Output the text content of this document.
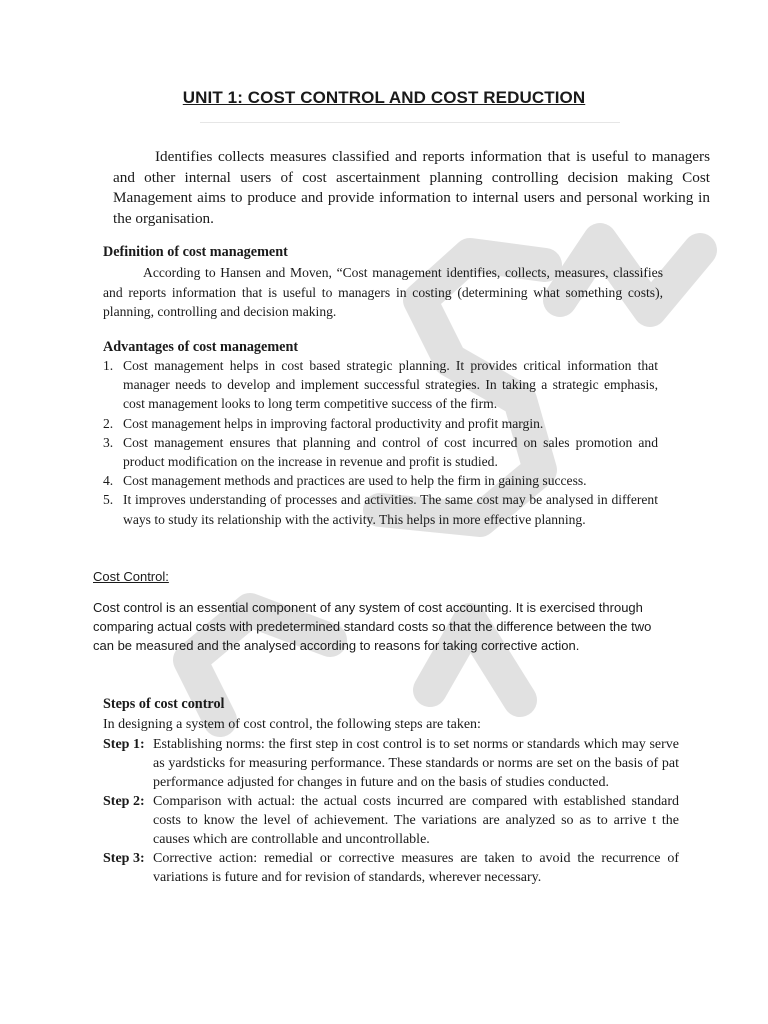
UNIT 1: COST CONTROL AND COST REDUCTION

Identifies collects measures classified and reports information that is useful to managers and other internal users of cost ascertainment planning controlling decision making Cost Management aims to produce and provide information to internal users and personal working in the organisation.

Definition of cost management

According to Hansen and Moven, “Cost management identifies, collects, measures, classifies and reports information that is useful to managers in costing (determining what something costs), planning, controlling and decision making.

Advantages of cost management
1. Cost management helps in cost based strategic planning. It provides critical information that manager needs to develop and implement successful strategies. In taking a strategic emphasis, cost management looks to long term competitive success of the firm.
2. Cost management helps in improving factoral productivity and profit margin.
3. Cost management ensures that planning and control of cost incurred on sales promotion and product modification on the increase in revenue and profit is studied.
4. Cost management methods and practices are used to help the firm in gaining success.
5. It improves understanding of processes and activities. The same cost may be analysed in different ways to study its relationship with the activity. This helps in more effective planning.
Cost Control:

Cost control is an essential component of any system of cost accounting. It is exercised through comparing actual costs with predetermined standard costs so that the difference between the two can be measured and the analysed according to reasons for taking corrective action.

Steps of cost control
In designing a system of cost control, the following steps are taken:
Step 1: Establishing norms: the first step in cost control is to set norms or standards which may serve as yardsticks for measuring performance. These standards or norms are set on the basis of pat performance adjusted for changes in future and on the basis of studies conducted.
Step 2: Comparison with actual: the actual costs incurred are compared with established standard costs to know the level of achievement. The variations are analyzed so as to arrive t the causes which are controllable and uncontrollable.
Step 3: Corrective action: remedial or corrective measures are taken to avoid the recurrence of variations is future and for revision of standards, wherever necessary.
